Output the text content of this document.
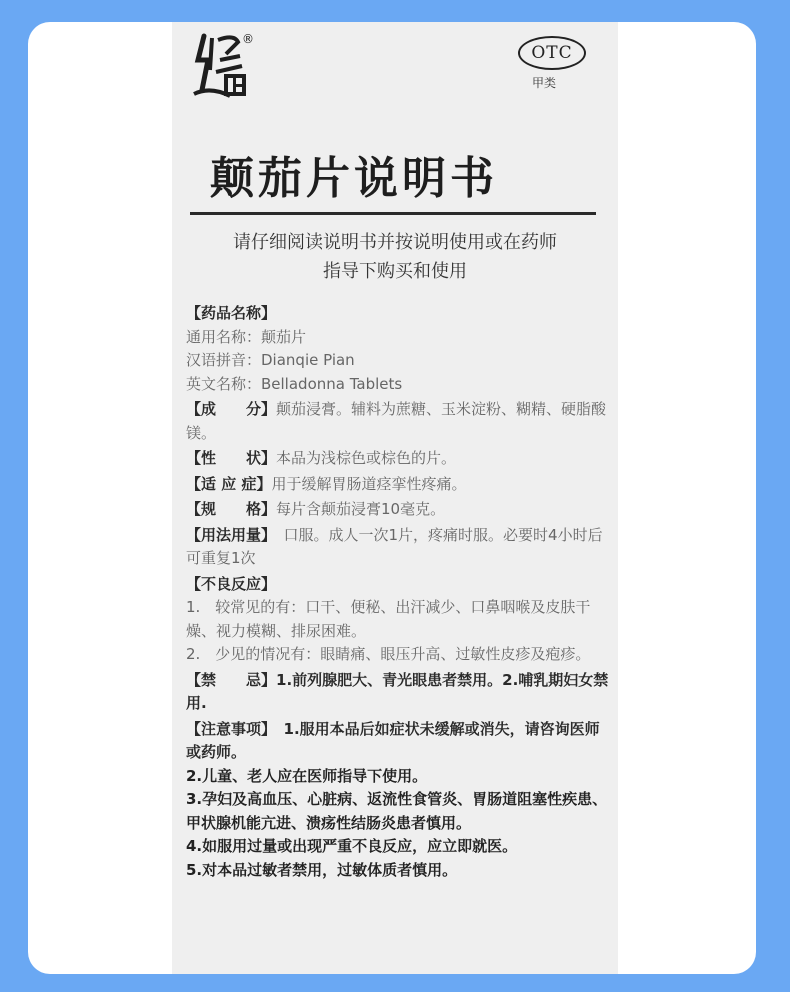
®
OTC
甲类
颠茄片说明书
请仔细阅读说明书并按说明使用或在药师
指导下购买和使用
【药品名称】
通用名称：颠茄片
汉语拼音：Dianqie Pian
英文名称：Belladonna Tablets
【成　　分】颠茄浸膏。辅料为蔗糖、玉米淀粉、糊精、硬脂酸镁。
【性　　状】本品为浅棕色或棕色的片。
【适 应 症】用于缓解胃肠道痉挛性疼痛。
【规　　格】每片含颠茄浸膏10毫克。
【用法用量】　口服。成人一次1片，疼痛时服。必要时4小时后可重复1次
【不良反应】
1.　较常见的有：口干、便秘、出汗减少、口鼻咽喉及皮肤干燥、视力模糊、排尿困难。
2.　少见的情况有：眼睛痛、眼压升高、过敏性皮疹及疱疹。
【禁　　忌】1.前列腺肥大、青光眼患者禁用。2.哺乳期妇女禁用.
【注意事项】　1.服用本品后如症状未缓解或消失，请咨询医师或药师。
2.儿童、老人应在医师指导下使用。
3.孕妇及高血压、心脏病、返流性食管炎、胃肠道阻塞性疾患、甲状腺机能亢进、溃疡性结肠炎患者慎用。
4.如服用过量或出现严重不良反应，应立即就医。
5.对本品过敏者禁用，过敏体质者慎用。
